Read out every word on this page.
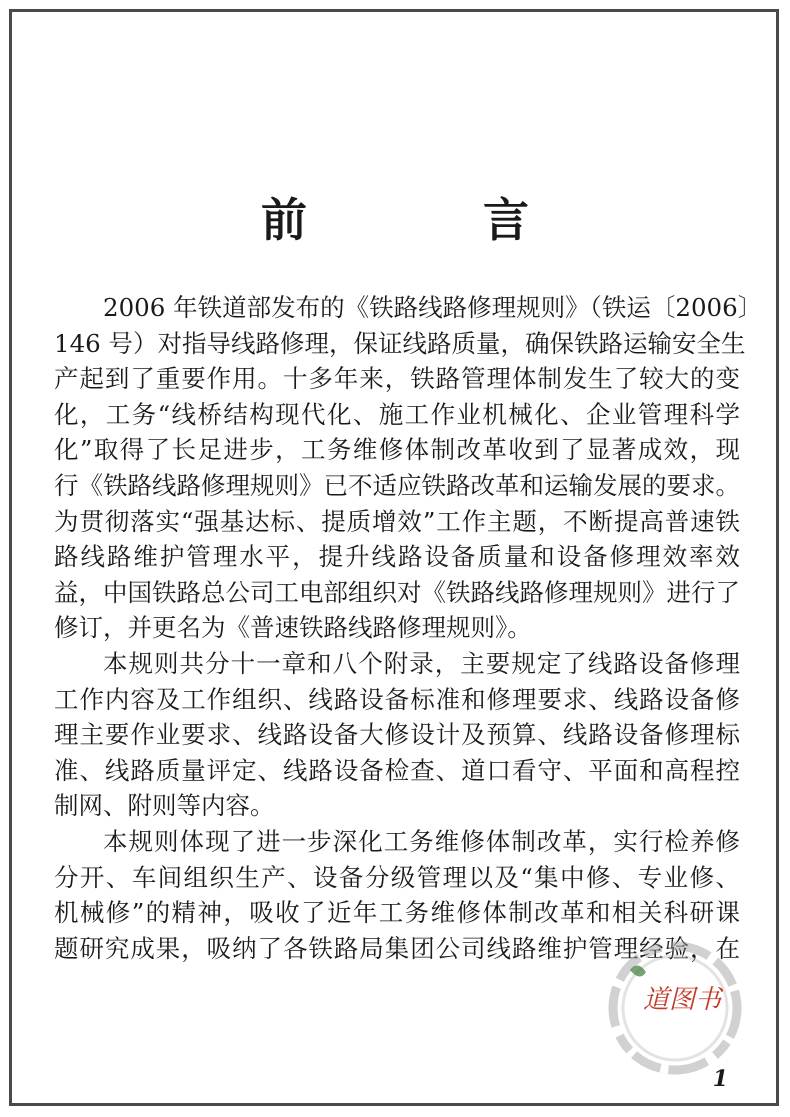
前 言
2006 年铁道部发布的《铁路线路修理规则》（铁运〔2006〕
146 号）对指导线路修理，保证线路质量，确保铁路运输安全生
产起到了重要作用。十多年来，铁路管理体制发生了较大的变
化，工务“线桥结构现代化、施工作业机械化、企业管理科学
化”取得了长足进步，工务维修体制改革收到了显著成效，现
行《铁路线路修理规则》已不适应铁路改革和运输发展的要求。
为贯彻落实“强基达标、提质增效”工作主题，不断提高普速铁
路线路维护管理水平，提升线路设备质量和设备修理效率效
益，中国铁路总公司工电部组织对《铁路线路修理规则》进行了
修订，并更名为《普速铁路线路修理规则》。
本规则共分十一章和八个附录，主要规定了线路设备修理
工作内容及工作组织、线路设备标准和修理要求、线路设备修
理主要作业要求、线路设备大修设计及预算、线路设备修理标
准、线路质量评定、线路设备检查、道口看守、平面和高程控
制网、附则等内容。
本规则体现了进一步深化工务维修体制改革，实行检养修
分开、车间组织生产、设备分级管理以及“集中修、专业修、
机械修”的精神，吸收了近年工务维修体制改革和相关科研课
题研究成果，吸纳了各铁路局集团公司线路维护管理经验，在
道图书
1
